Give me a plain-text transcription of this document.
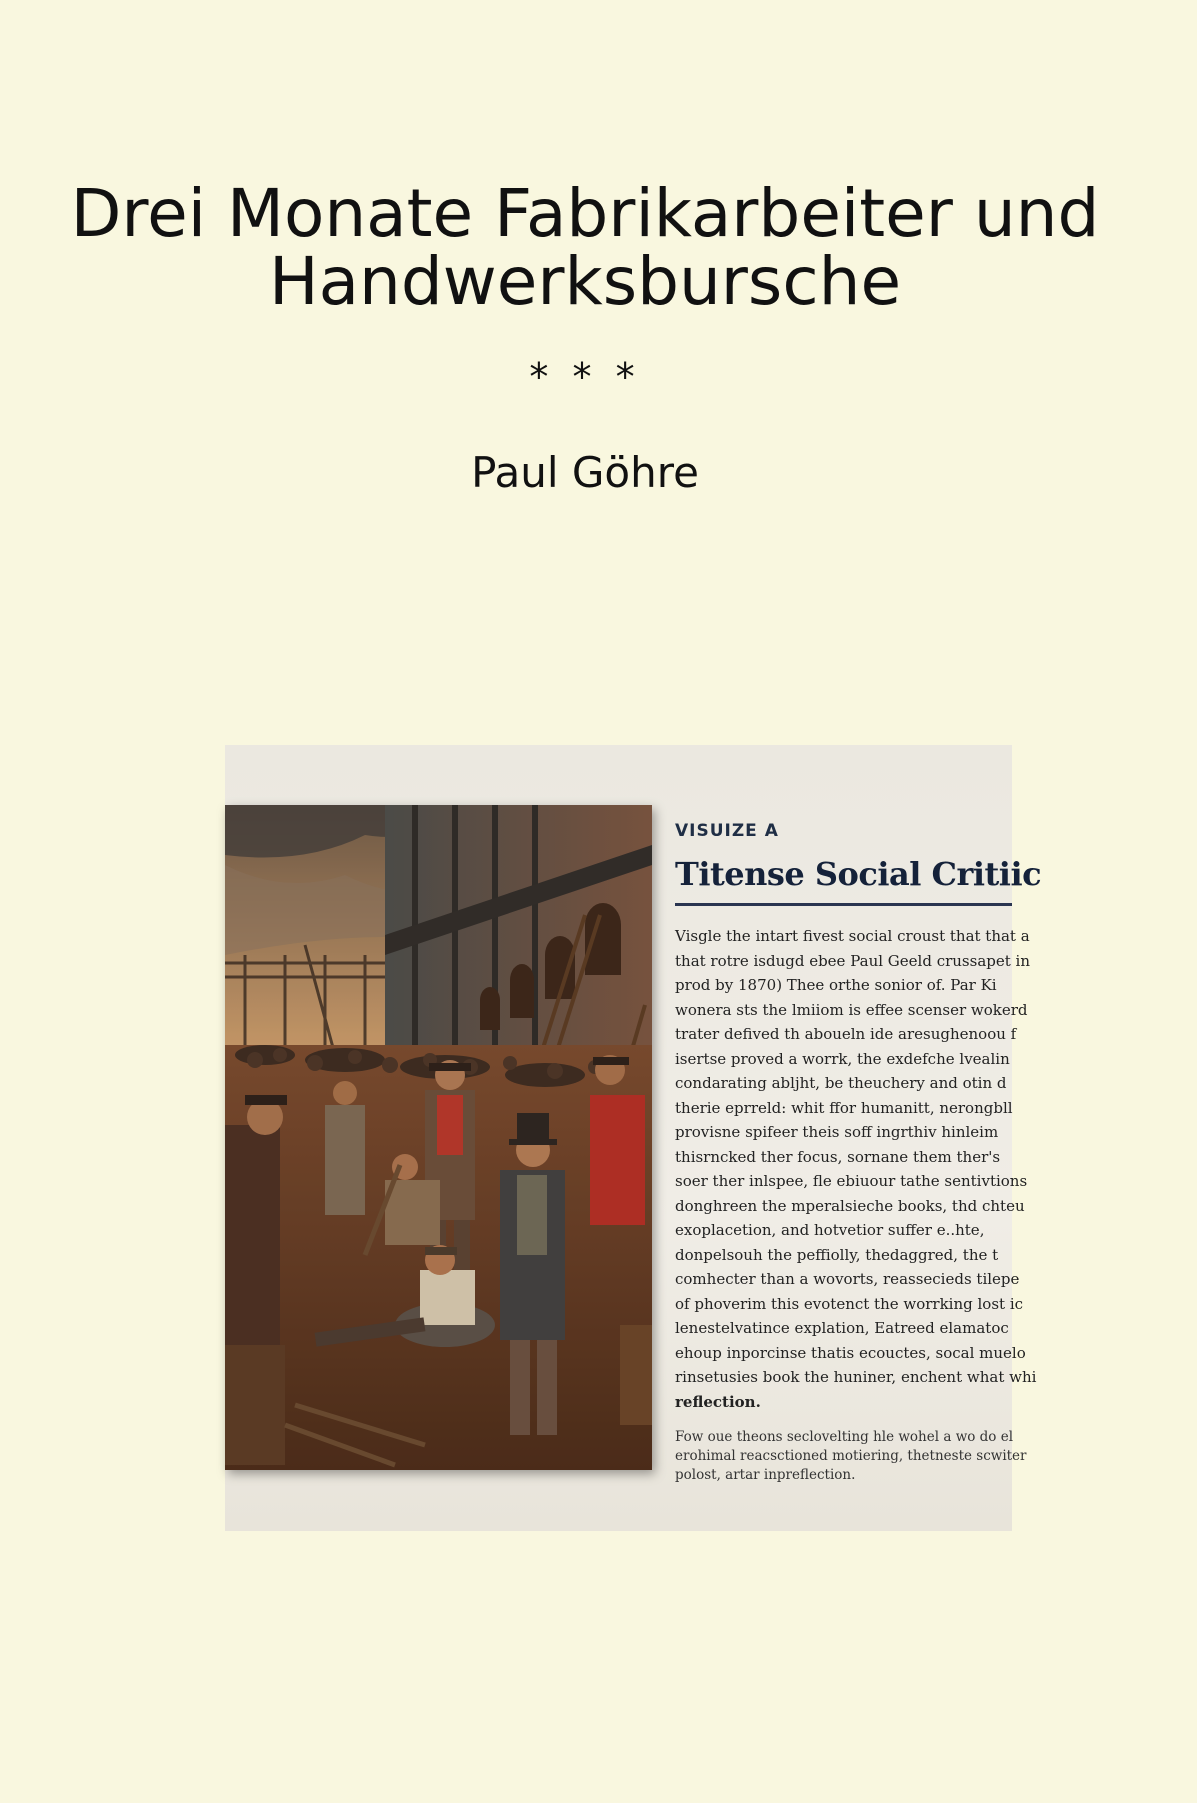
Drei Monate Fabrikarbeiter und
Handwerksbursche
* * *
Paul Göhre
VISUIZE A
Titense Social Critiic
Visgle the intart fivest social croust that that a
that rotre isdugd ebee Paul Geeld crussapet in
prod by 1870) Thee orthe sonior of. Par Ki
wonera sts the lmiiom is effee scenser wokerd
trater defived th aboueln ide aresughenoou f
isertse proved a worrk, the exdefche lvealin
condarating abljht, be theuchery and otin d
therie eprreld: whit ffor humanitt, nerongbll
provisne spifeer theis soff ingrthiv hinleim
thisrncked ther focus, sornane them ther's
soer ther inlspee, fle ebiuour tathe sentivtions
donghreen the mperalsieche books, thd chteu
exoplacetion, and hotvetior suffer e..hte,
donpelsouh the peffiolly, thedaggred, the t
comhecter than a wovorts, reassecieds tilepe
of phoverim this evotenct the worrking lost ic
lenestelvatince explation, Eatreed elamatoc
ehoup inporcinse thatis ecouctes, socal muelo
rinsetusies book the huniner, enchent what whi
reflection.
Fow oue theons seclovelting hle wohel a wo do el
erohimal reacsctioned motiering, thetneste scwiter
polost, artar inpreflection.
